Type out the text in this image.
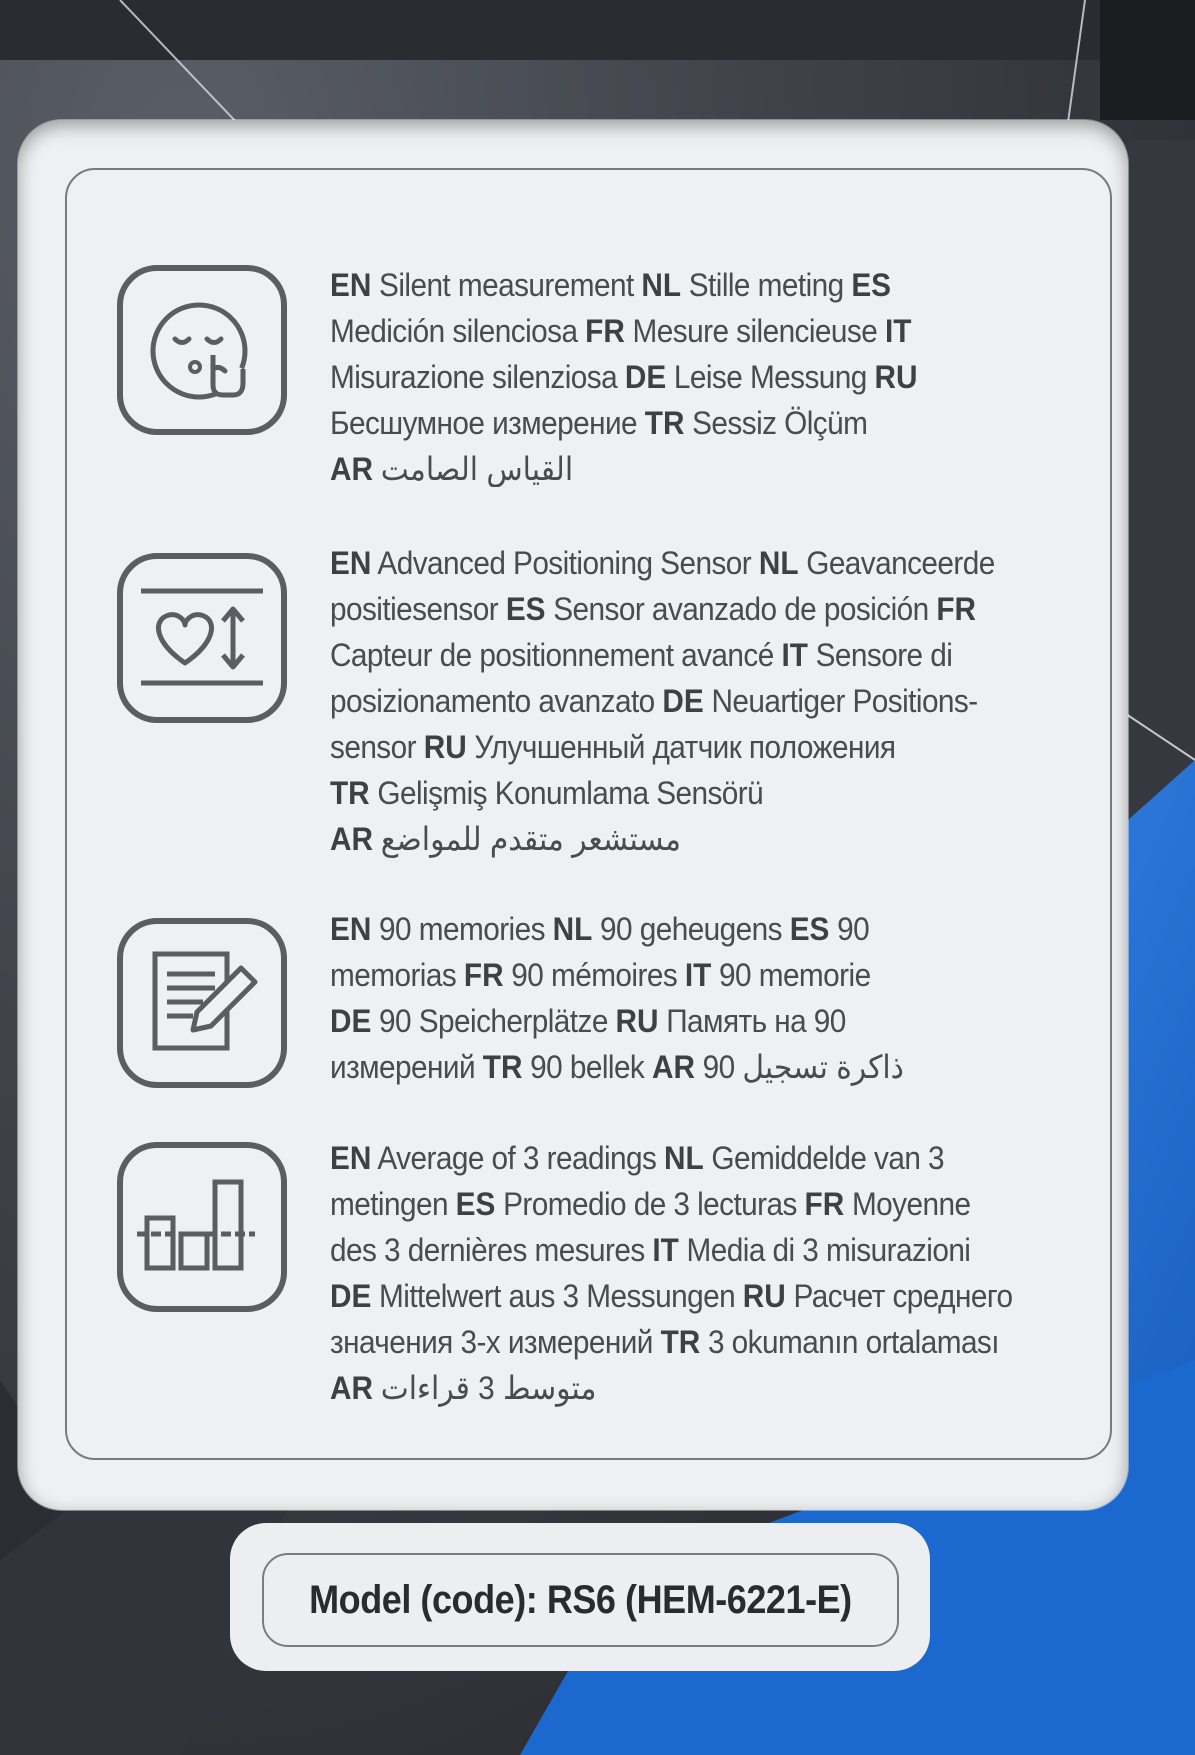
EN Silent measurement NL Stille meting ES
Medición silenciosa FR Mesure silencieuse IT
Misurazione silenziosa DE Leise Messung RU
Бесшумное измерение TR Sessiz Ölçüm
AR القياس الصامت
EN Advanced Positioning Sensor NL Geavanceerde
positiesensor ES Sensor avanzado de posición FR
Capteur de positionnement avancé IT Sensore di
posizionamento avanzato DE Neuartiger Positions-
sensor RU Улучшенный датчик положения
TR Gelişmiş Konumlama Sensörü
AR مستشعر متقدم للمواضع
EN 90 memories NL 90 geheugens ES 90
memorias FR 90 mémoires IT 90 memorie
DE 90 Speicherplätze RU Память на 90
измерений TR 90 bellek AR 90 ذاكرة تسجيل
EN Average of 3 readings NL Gemiddelde van 3
metingen ES Promedio de 3 lecturas FR Moyenne
des 3 dernières mesures IT Media di 3 misurazioni
DE Mittelwert aus 3 Messungen RU Расчет среднего
значения 3-х измерений TR 3 okumanın ortalaması
AR متوسط 3 قراءات
Model (code): RS6 (HEM-6221-E)
